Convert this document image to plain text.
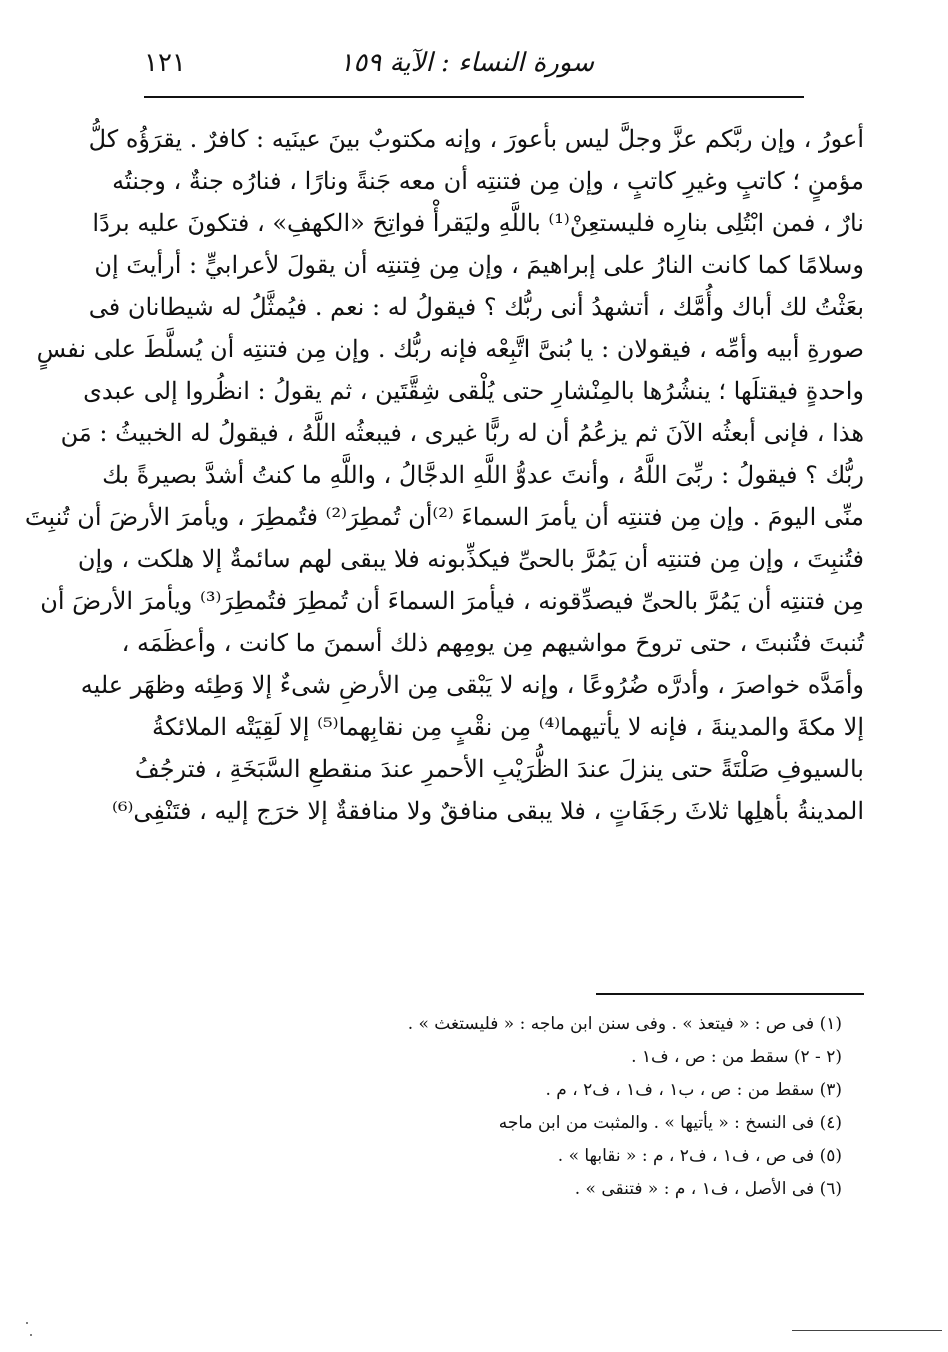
سورة النساء : الآية ١٥٩
١٢١
أعورُ ، وإن ربَّكم عزَّ وجلَّ ليس بأعورَ ، وإنه مكتوبٌ بينَ عينَيه : كافرٌ . يقرَؤُه كلُّ
مؤمنٍ ؛ كاتبٍ وغيرِ كاتبٍ ، وإن مِن فتنتِه أن معه جَنةً ونارًا ، فنارُه جنةٌ ، وجنتُه
نارٌ ، فمن ابْتُلِى بنارِه فليستعِنْ⁽¹⁾ باللَّهِ وليَقرأْ فواتِحَ «الكهفِ» ، فتكونَ عليه بردًا
وسلامًا كما كانت النارُ على إبراهيمَ ، وإن مِن فِتنتِه أن يقولَ لأعرابيٍّ : أرأيتَ إن
بعَثْتُ لك أباك وأُمَّك ، أتشهدُ أنى ربُّك ؟ فيقولُ له : نعم . فيُمثَّلُ له شيطانان فى
صورةِ أبيه وأمِّه ، فيقولان : يا بُنىَّ اتَّبِعْه فإنه ربُّك . وإن مِن فتنتِه أن يُسلَّطَ على نفسٍ
واحدةٍ فيقتلَها ؛ ينشُرُها بالمِنْشارِ حتى يُلْقى شِقَّتَين ، ثم يقولُ : انظُروا إلى عبدى
هذا ، فإنى أبعثُه الآنَ ثم يزعُمُ أن له ربًّا غيرى ، فيبعثُه اللَّهُ ، فيقولُ له الخبيثُ : مَن
ربُّك ؟ فيقولُ : ربِّىَ اللَّهُ ، وأنتَ عدوُّ اللَّهِ الدجَّالُ ، واللَّهِ ما كنتُ أشدَّ بصيرةً بك
منِّى اليومَ . وإن مِن فتنتِه أن يأمرَ السماءَ ⁽²⁾أن تُمطِرَ⁽²⁾ فتُمطِرَ ، ويأمرَ الأرضَ أن تُنبِتَ
فتُنبِتَ ، وإن مِن فتنتِه أن يَمُرَّ بالحىِّ فيكذِّبونه فلا يبقى لهم سائمةٌ إلا هلكت ، وإن
مِن فتنتِه أن يَمُرَّ بالحىِّ فيصدِّقونه ، فيأمرَ السماءَ أن تُمطِرَ فتُمطِرَ⁽³⁾ ويأمرَ الأرضَ أن
تُنبتَ فتُنبتَ ، حتى تروحَ مواشيهم مِن يومِهم ذلك أسمنَ ما كانت ، وأعظَمَه ،
وأمَدَّه خواصرَ ، وأدرَّه ضُرُوعًا ، وإنه لا يَبْقى مِن الأرضِ شىءٌ إلا وَطِئه وظهَر عليه
إلا مكةَ والمدينةَ ، فإنه لا يأتيهما⁽⁴⁾ مِن نقْبٍ مِن نقابِهما⁽⁵⁾ إلا لَقِيَتْه الملائكةُ
بالسيوفِ صَلْتَةً حتى ينزلَ عندَ الظُّرَيْبِ الأحمرِ عندَ منقطعِ السَّبَخَةِ ، فترجُفُ
المدينةُ بأهلِها ثلاثَ رجَفَاتٍ ، فلا يبقى منافقٌ ولا منافقةٌ إلا خرَج إليه ، فتَنْفِى⁽⁶⁾
(١) فى ص : « فيتعذ » . وفى سنن ابن ماجه : « فليستغث » .
(٢ - ٢) سقط من : ص ، ف١ .
(٣) سقط من : ص ، ب١ ، ف١ ، ف٢ ، م .
(٤) فى النسخ : « يأتيها » . والمثبت من ابن ماجه
(٥) فى ص ، ف١ ، ف٢ ، م : « نقابها » .
(٦) فى الأصل ، ف١ ، م : « فتنقى » .
